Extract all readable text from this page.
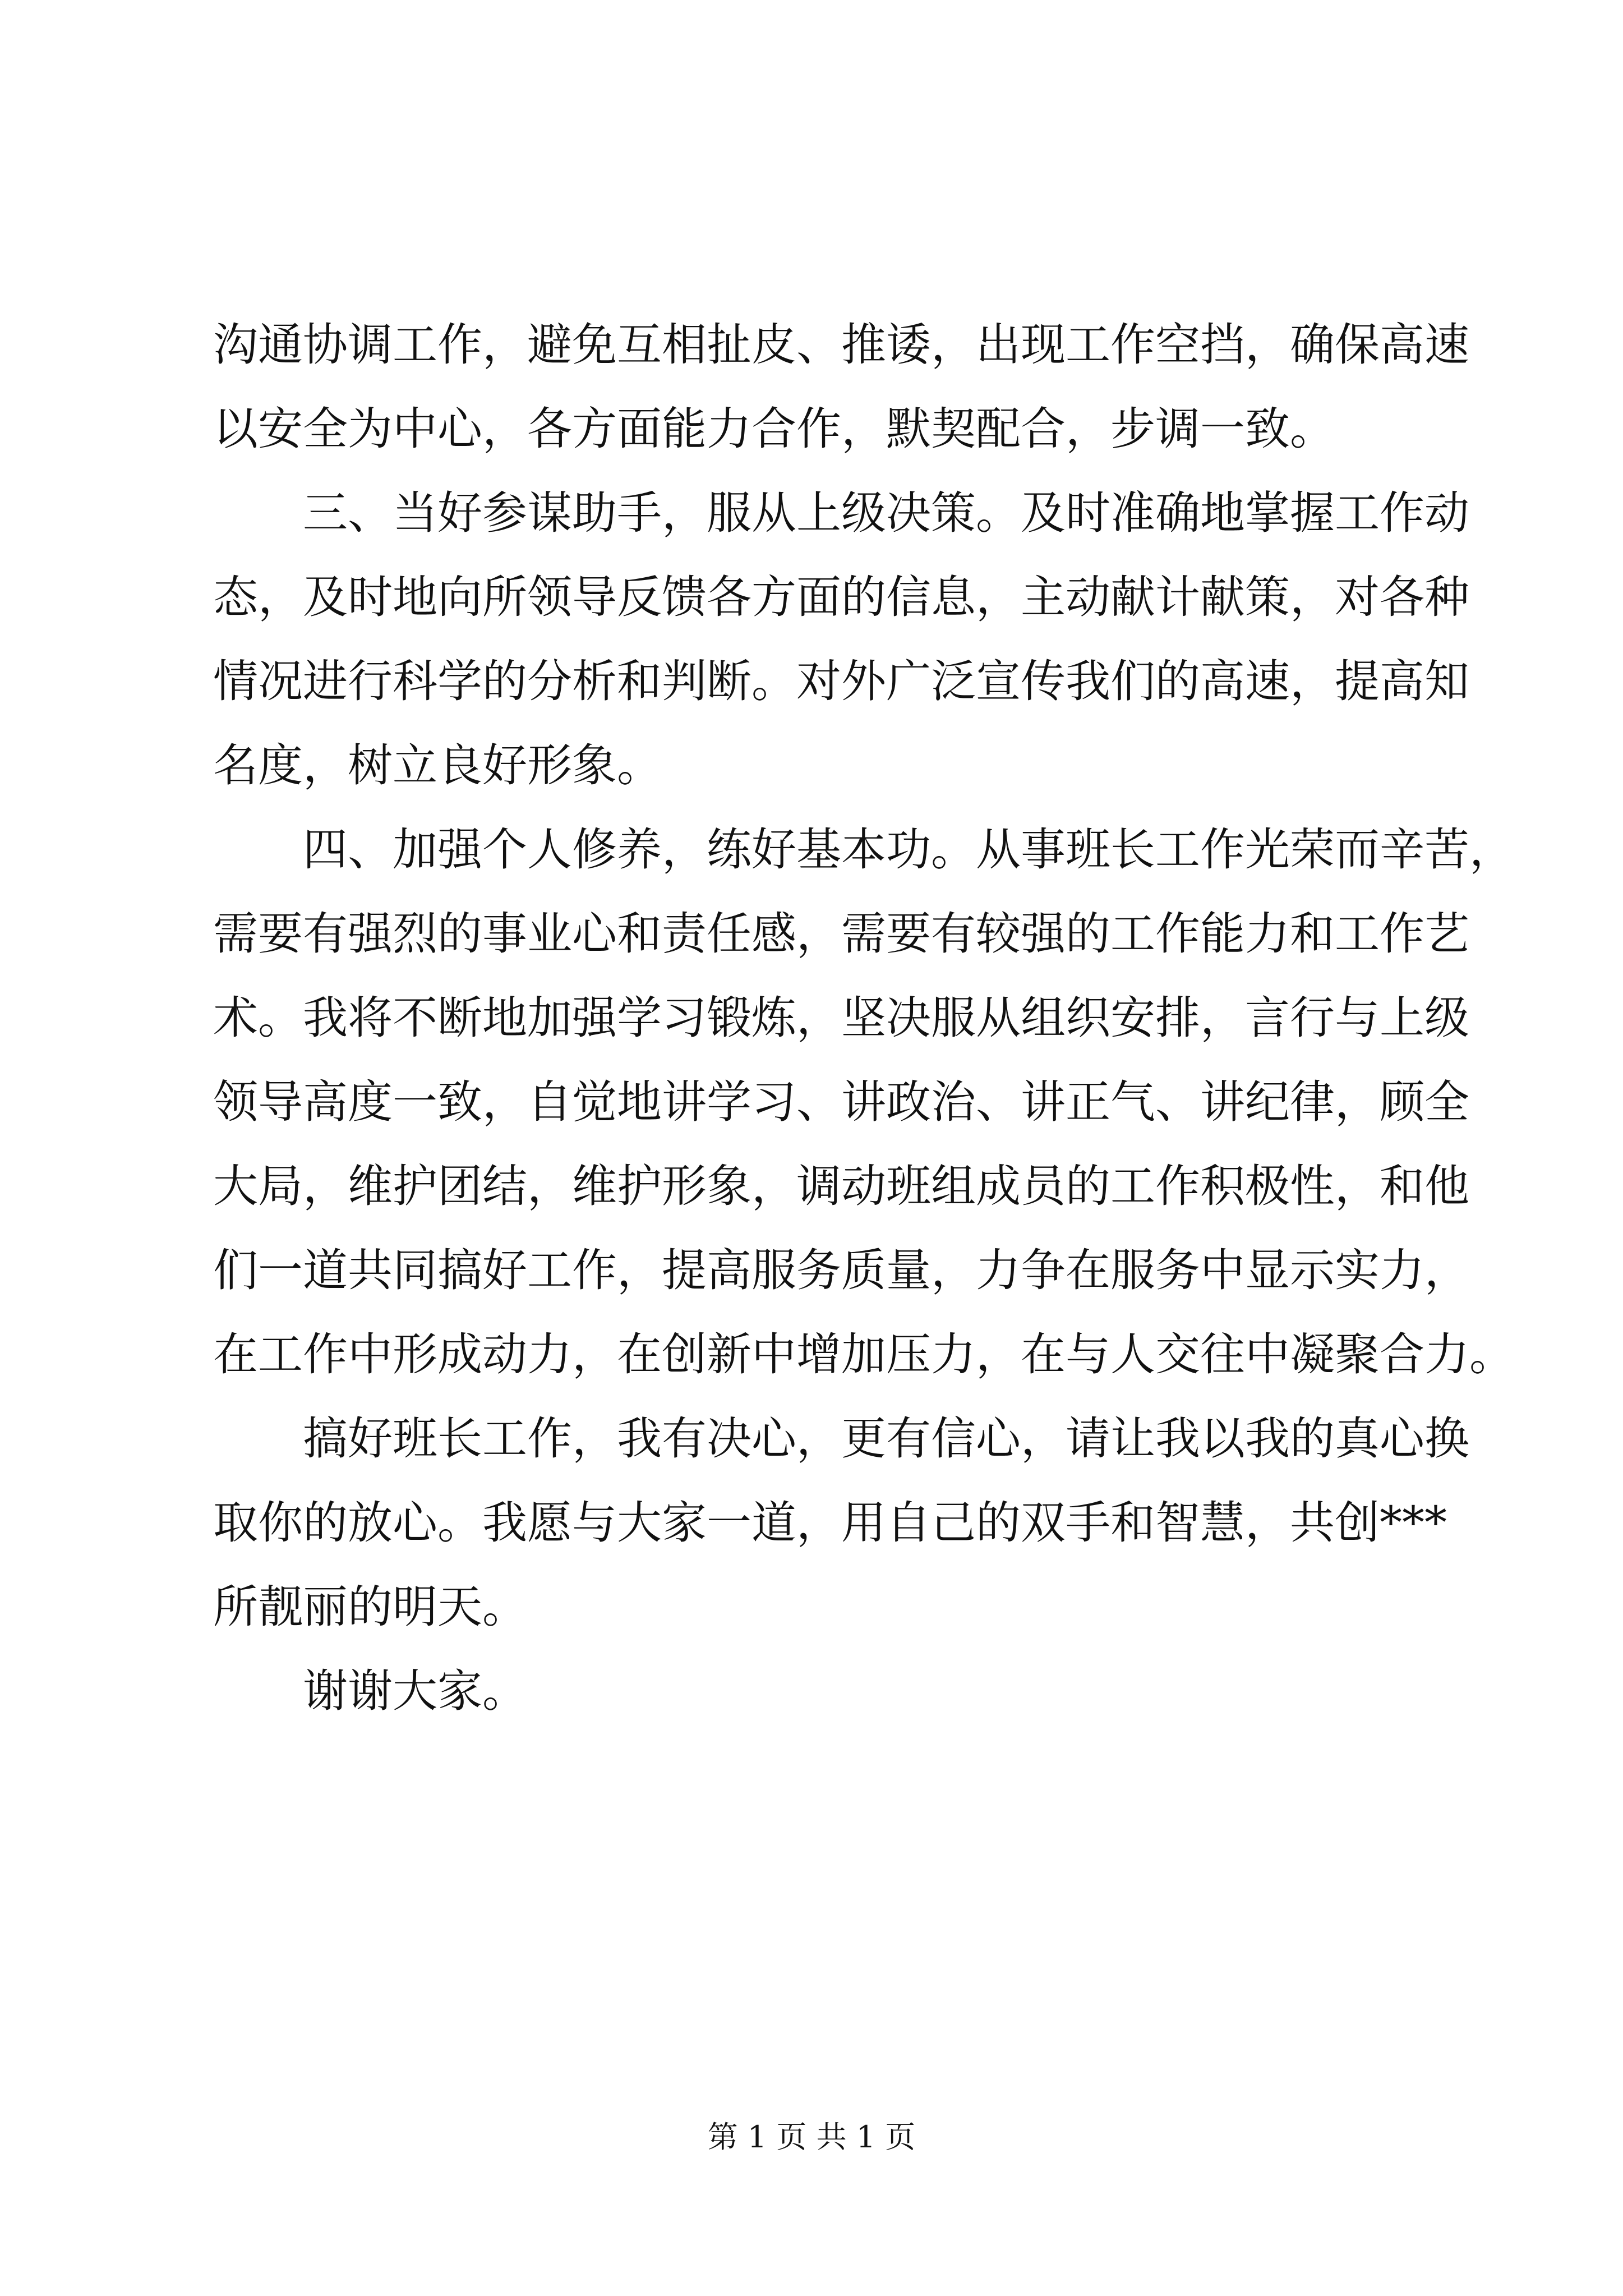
沟通协调工作，避免互相扯皮、推诿，出现工作空挡，确保高速

以安全为中心，各方面能力合作，默契配合，步调一致。

三、当好参谋助手，服从上级决策。及时准确地掌握工作动

态，及时地向所领导反馈各方面的信息，主动献计献策，对各种

情况进行科学的分析和判断。对外广泛宣传我们的高速，提高知

名度，树立良好形象。

四、加强个人修养，练好基本功。从事班长工作光荣而辛苦，

需要有强烈的事业心和责任感，需要有较强的工作能力和工作艺

术。我将不断地加强学习锻炼，坚决服从组织安排，言行与上级

领导高度一致，自觉地讲学习、讲政治、讲正气、讲纪律，顾全

大局，维护团结，维护形象，调动班组成员的工作积极性，和他

们一道共同搞好工作，提高服务质量，力争在服务中显示实力，

在工作中形成动力，在创新中增加压力，在与人交往中凝聚合力。

搞好班长工作，我有决心，更有信心，请让我以我的真心换

取你的放心。我愿与大家一道，用自己的双手和智慧，共创***

所靓丽的明天。

谢谢大家。

第 1 页 共 1 页
